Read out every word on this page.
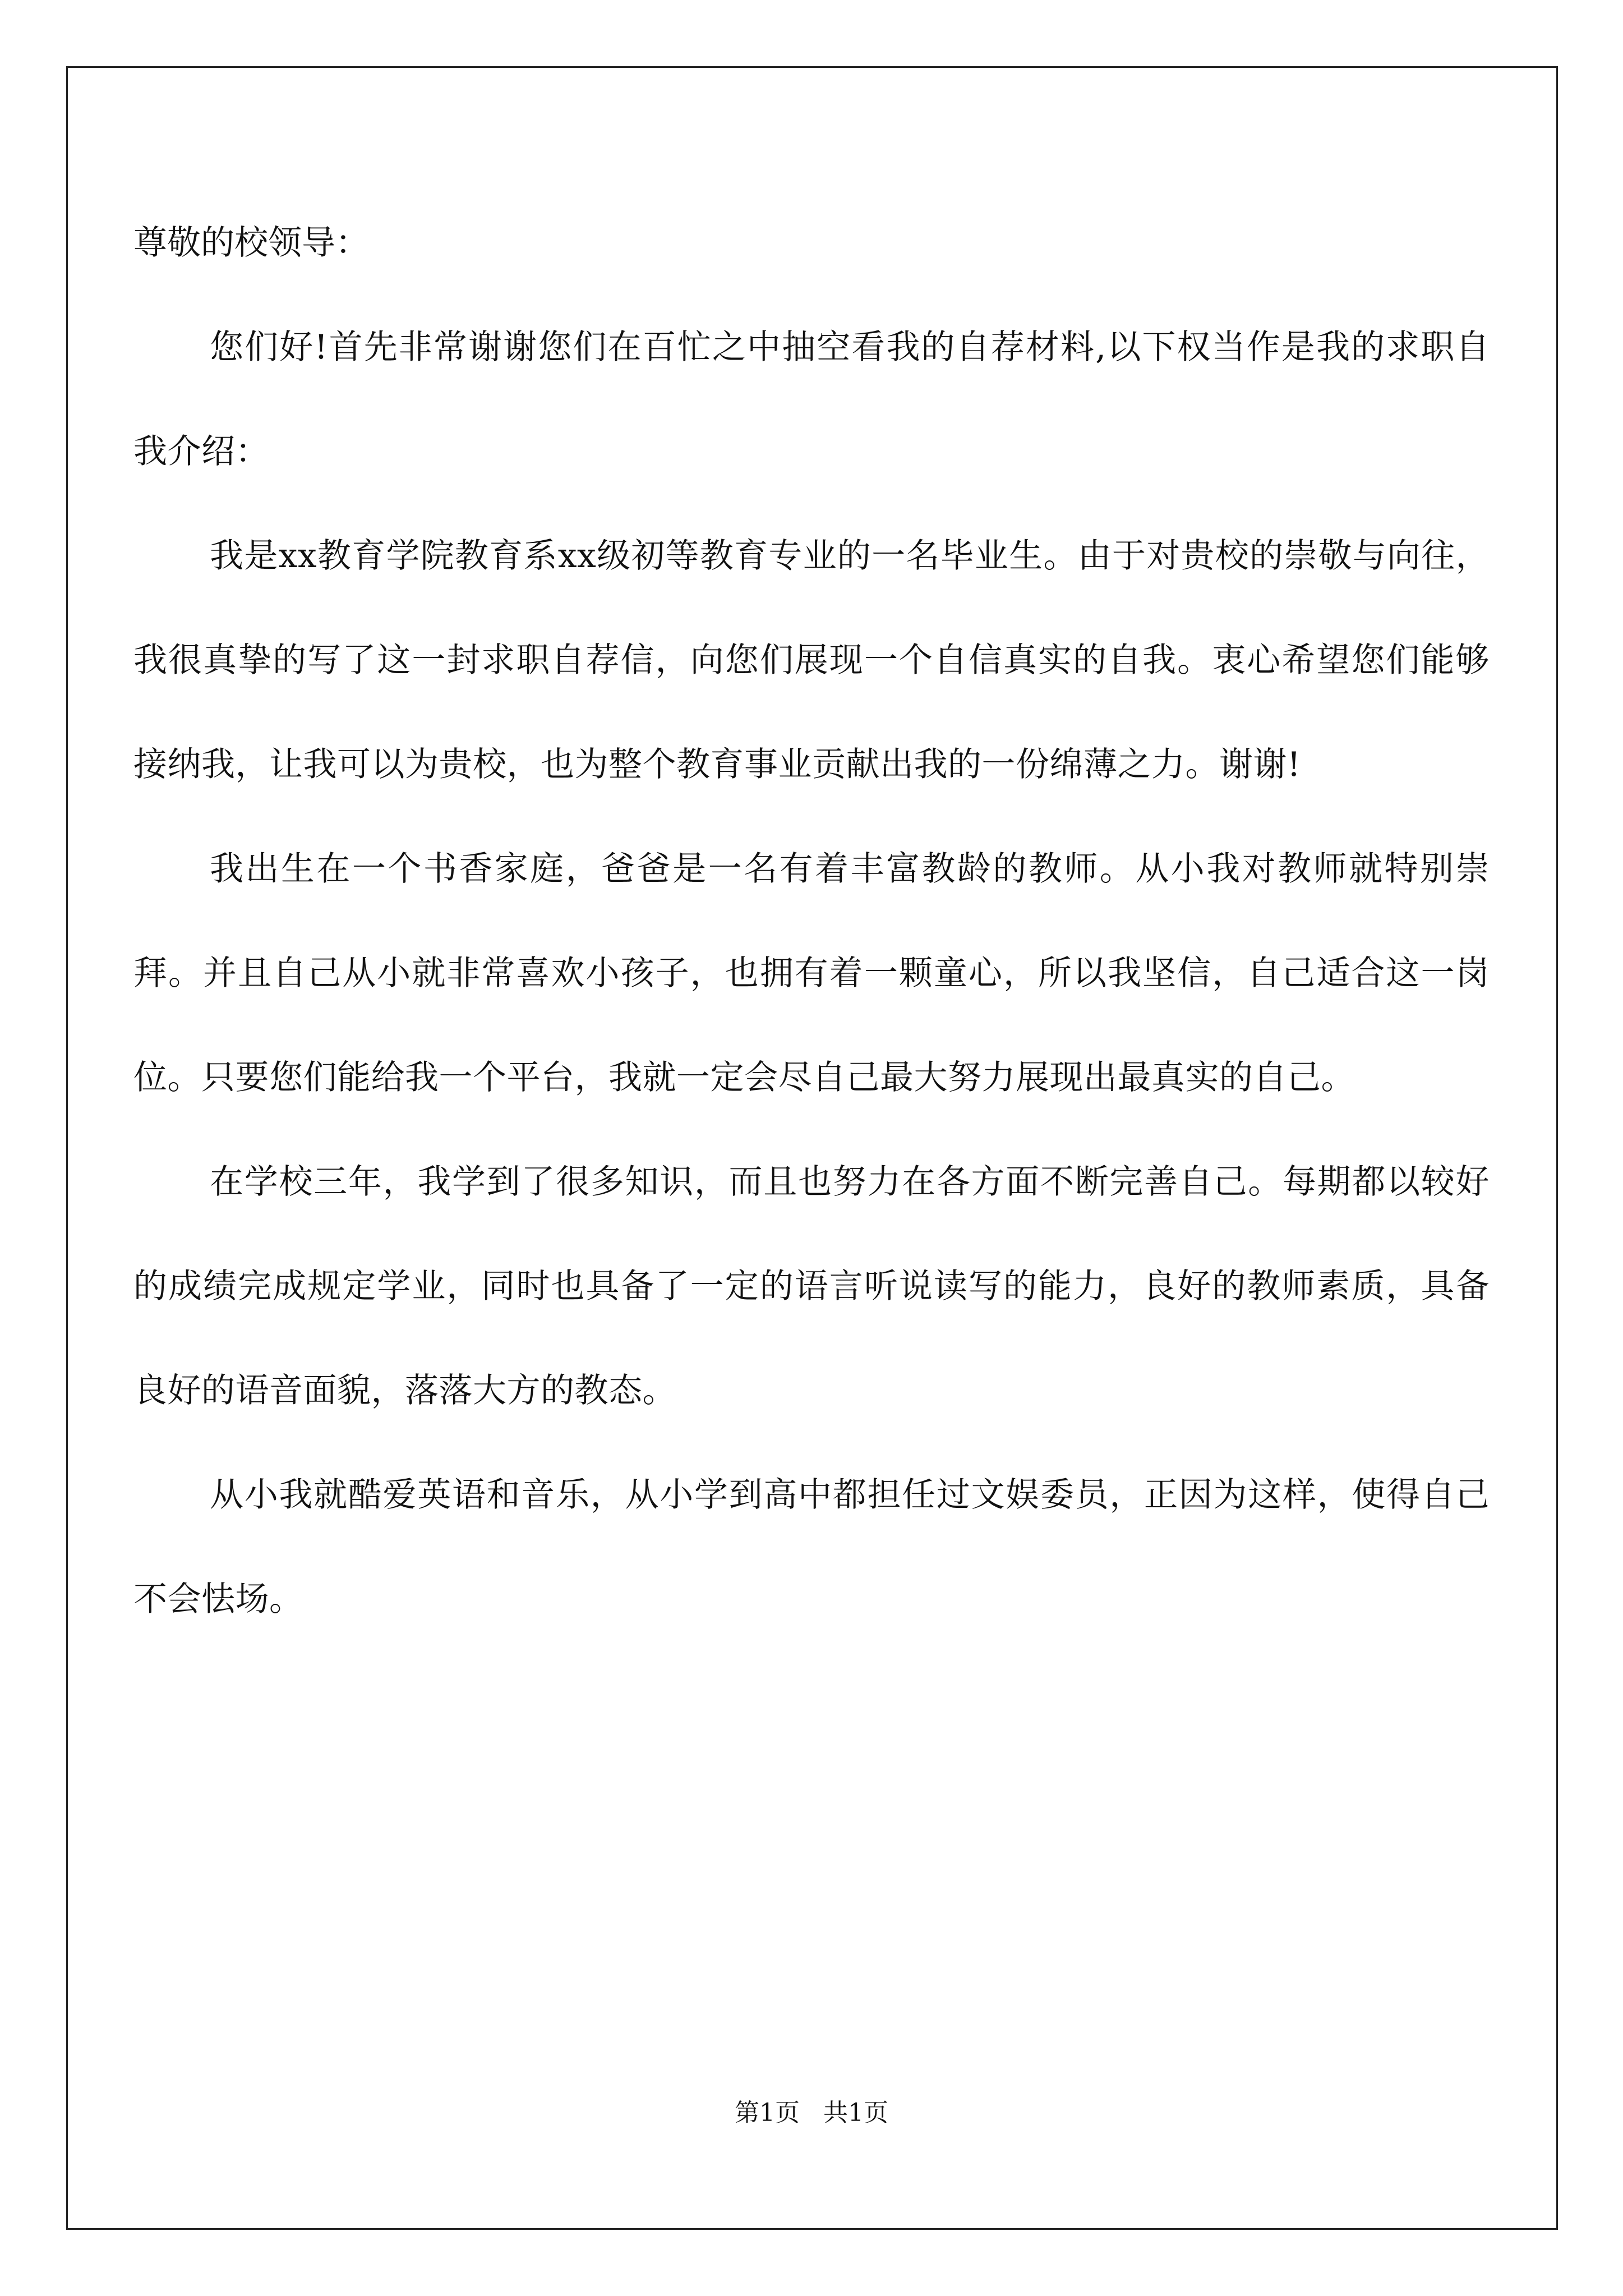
尊敬的校领导：

您们好!首先非常谢谢您们在百忙之中抽空看我的自荐材料,以下权当作是我的求职自我介绍：

我是xx教育学院教育系xx级初等教育专业的一名毕业生。由于对贵校的崇敬与向往，我很真挚的写了这一封求职自荐信，向您们展现一个自信真实的自我。衷心希望您们能够接纳我，让我可以为贵校，也为整个教育事业贡献出我的一份绵薄之力。谢谢!

我出生在一个书香家庭，爸爸是一名有着丰富教龄的教师。从小我对教师就特别崇拜。并且自己从小就非常喜欢小孩子，也拥有着一颗童心，所以我坚信，自己适合这一岗位。只要您们能给我一个平台，我就一定会尽自己最大努力展现出最真实的自己。

在学校三年，我学到了很多知识，而且也努力在各方面不断完善自己。每期都以较好的成绩完成规定学业，同时也具备了一定的语言听说读写的能力，良好的教师素质，具备良好的语音面貌，落落大方的教态。

从小我就酷爱英语和音乐，从小学到高中都担任过文娱委员，正因为这样，使得自己不会怯场。

第1页   共1页
